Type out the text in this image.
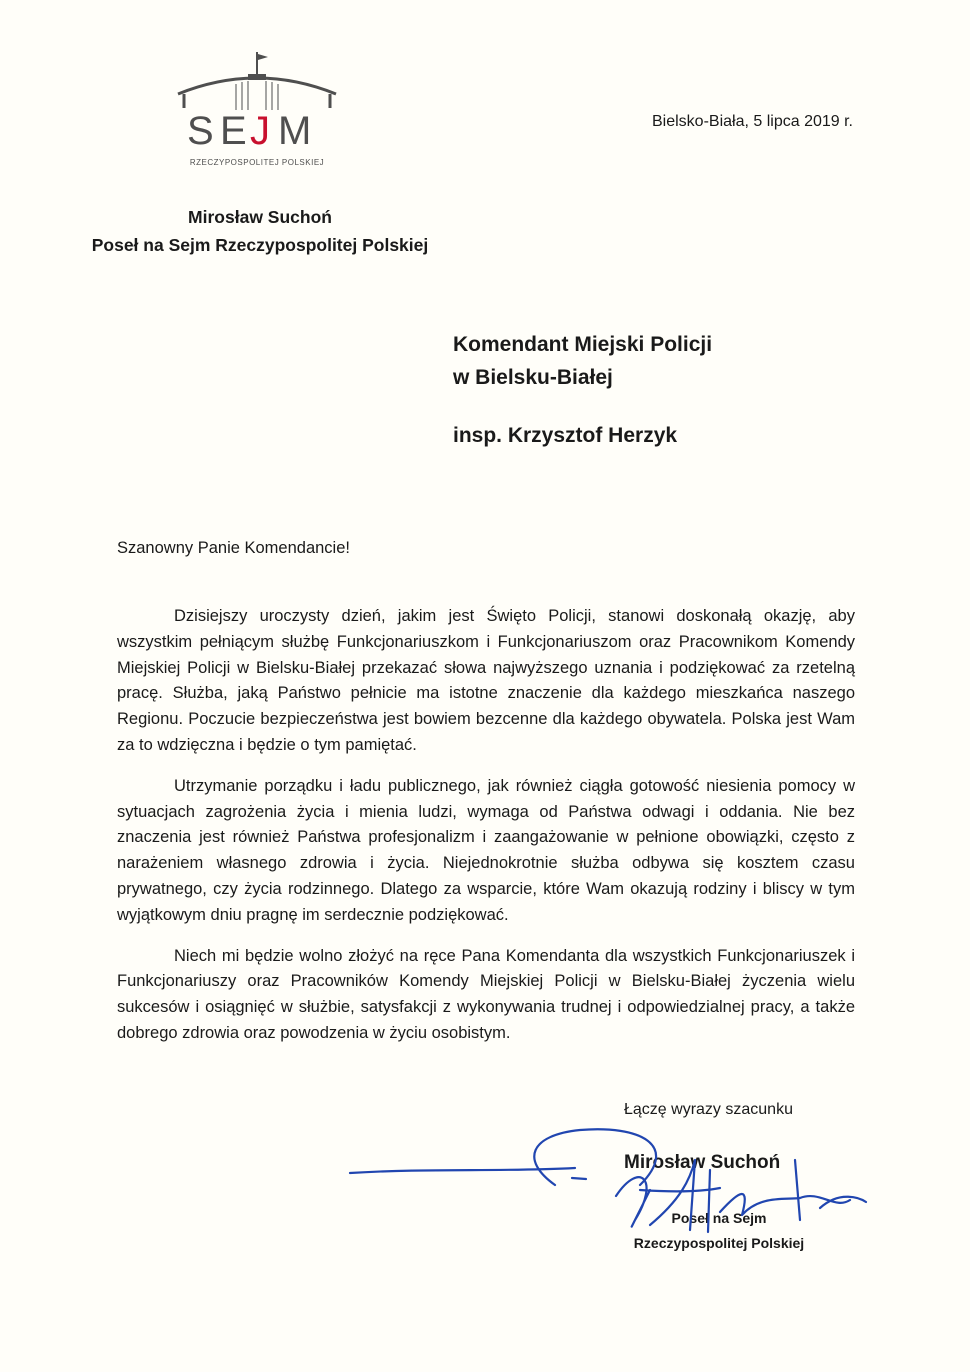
S E M
J
RZECZYPOSPOLITEJ POLSKIEJ
Bielsko-Biała, 5 lipca 2019 r.
Mirosław Suchoń
Poseł na Sejm Rzeczypospolitej Polskiej
Komendant Miejski Policji
w Bielsku-Białej
insp. Krzysztof Herzyk
Szanowny Panie Komendancie!

Dzisiejszy uroczysty dzień, jakim jest Święto Policji, stanowi doskonałą okazję, aby wszystkim pełniącym służbę Funkcjonariuszkom i Funkcjonariuszom oraz Pracownikom Komendy Miejskiej Policji w Bielsku-Białej przekazać słowa najwyższego uznania i podziękować za rzetelną pracę. Służba, jaką Państwo pełnicie ma istotne znaczenie dla każdego mieszkańca naszego Regionu. Poczucie bezpieczeństwa jest bowiem bezcenne dla każdego obywatela. Polska jest Wam za to wdzięczna i będzie o tym pamiętać.

Utrzymanie porządku i ładu publicznego, jak również ciągła gotowość niesienia pomocy w sytuacjach zagrożenia życia i mienia ludzi, wymaga od Państwa odwagi i oddania. Nie bez znaczenia jest również Państwa profesjonalizm i zaangażowanie w pełnione obowiązki, często z narażeniem własnego zdrowia i życia. Niejednokrotnie służba odbywa się kosztem czasu prywatnego, czy życia rodzinnego. Dlatego za wsparcie, które Wam okazują rodziny i bliscy w tym wyjątkowym dniu pragnę im serdecznie podziękować.

Niech mi będzie wolno złożyć na ręce Pana Komendanta dla wszystkich Funkcjonariuszek i Funkcjonariuszy oraz Pracowników Komendy Miejskiej Policji w Bielsku-Białej życzenia wielu sukcesów i osiągnięć w służbie, satysfakcji z wykonywania trudnej i odpowiedzialnej pracy, a także dobrego zdrowia oraz powodzenia w życiu osobistym.

Łączę wyrazy szacunku
Mirosław Suchoń
Poseł na Sejm
Rzeczypospolitej Polskiej
